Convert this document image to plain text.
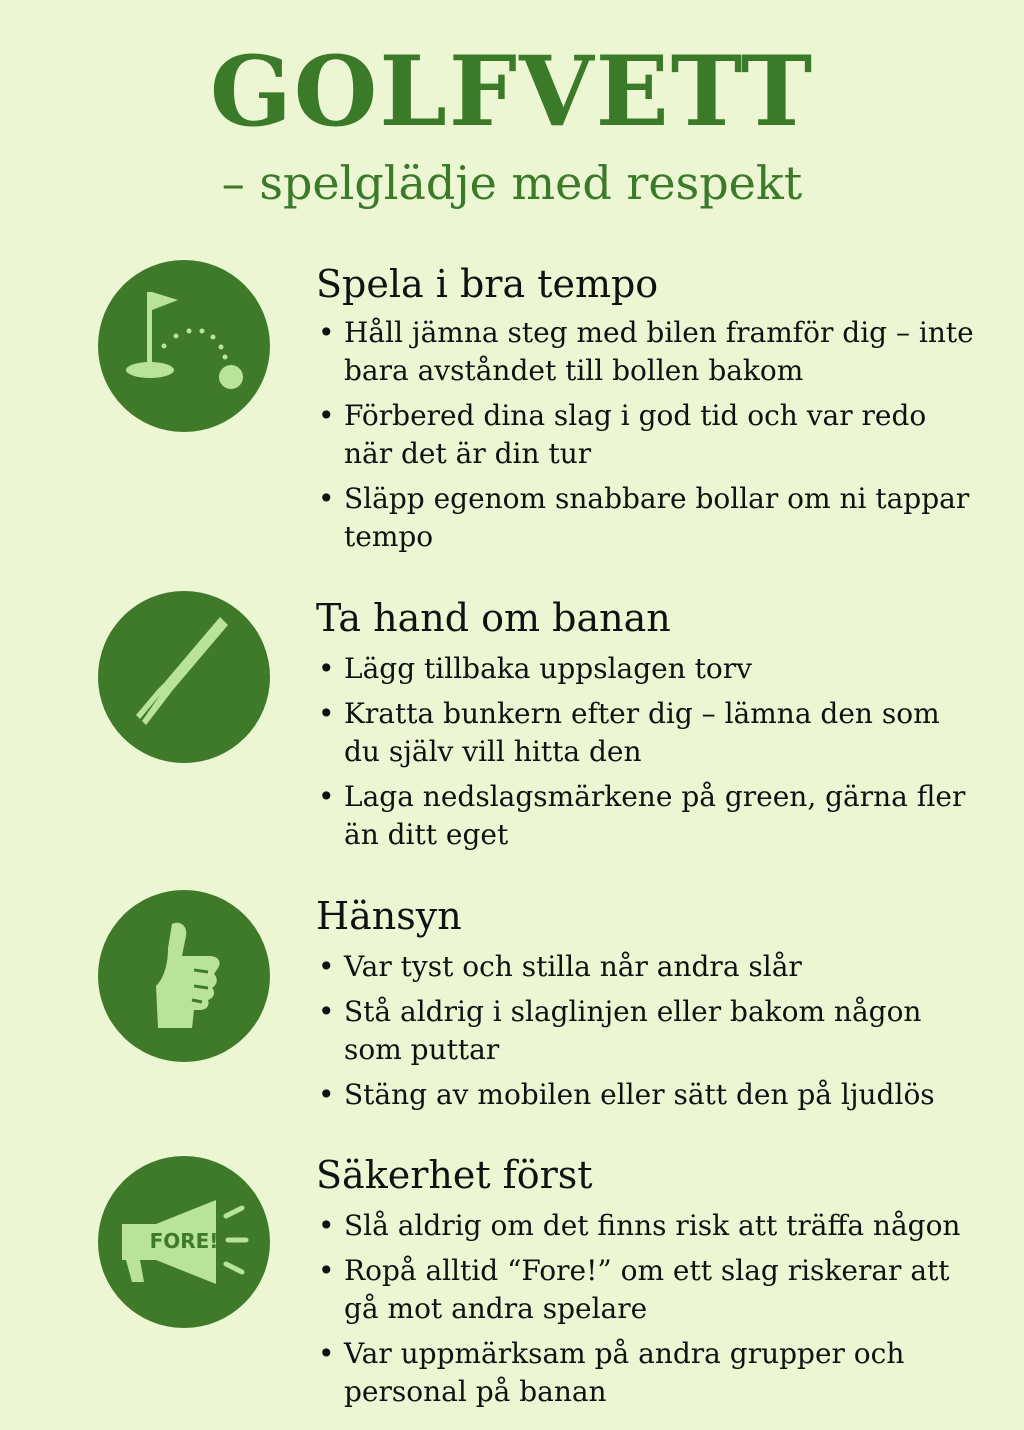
GOLFVETT
– spelglädje med respekt
Spela i bra tempo
• Håll jämna steg med bilen framför dig – inte bara avståndet till bollen bakom
• Förbered dina slag i god tid och var redo när det är din tur
• Släpp egenom snabbare bollar om ni tappar tempo
Ta hand om banan
• Lägg tillbaka uppslagen torv
• Kratta bunkern efter dig – lämna den som du själv vill hitta den
• Laga nedslagsmärkene på green, gärna fler än ditt eget
Hänsyn
• Var tyst och stilla når andra slår
• Stå aldrig i slaglinjen eller bakom någon som puttar
• Stäng av mobilen eller sätt den på ljudlös
FORE!
Säkerhet först
• Slå aldrig om det finns risk att träffa någon
• Ropå alltid “Fore!” om ett slag riskerar att gå mot andra spelare
• Var uppmärksam på andra grupper och personal på banan
